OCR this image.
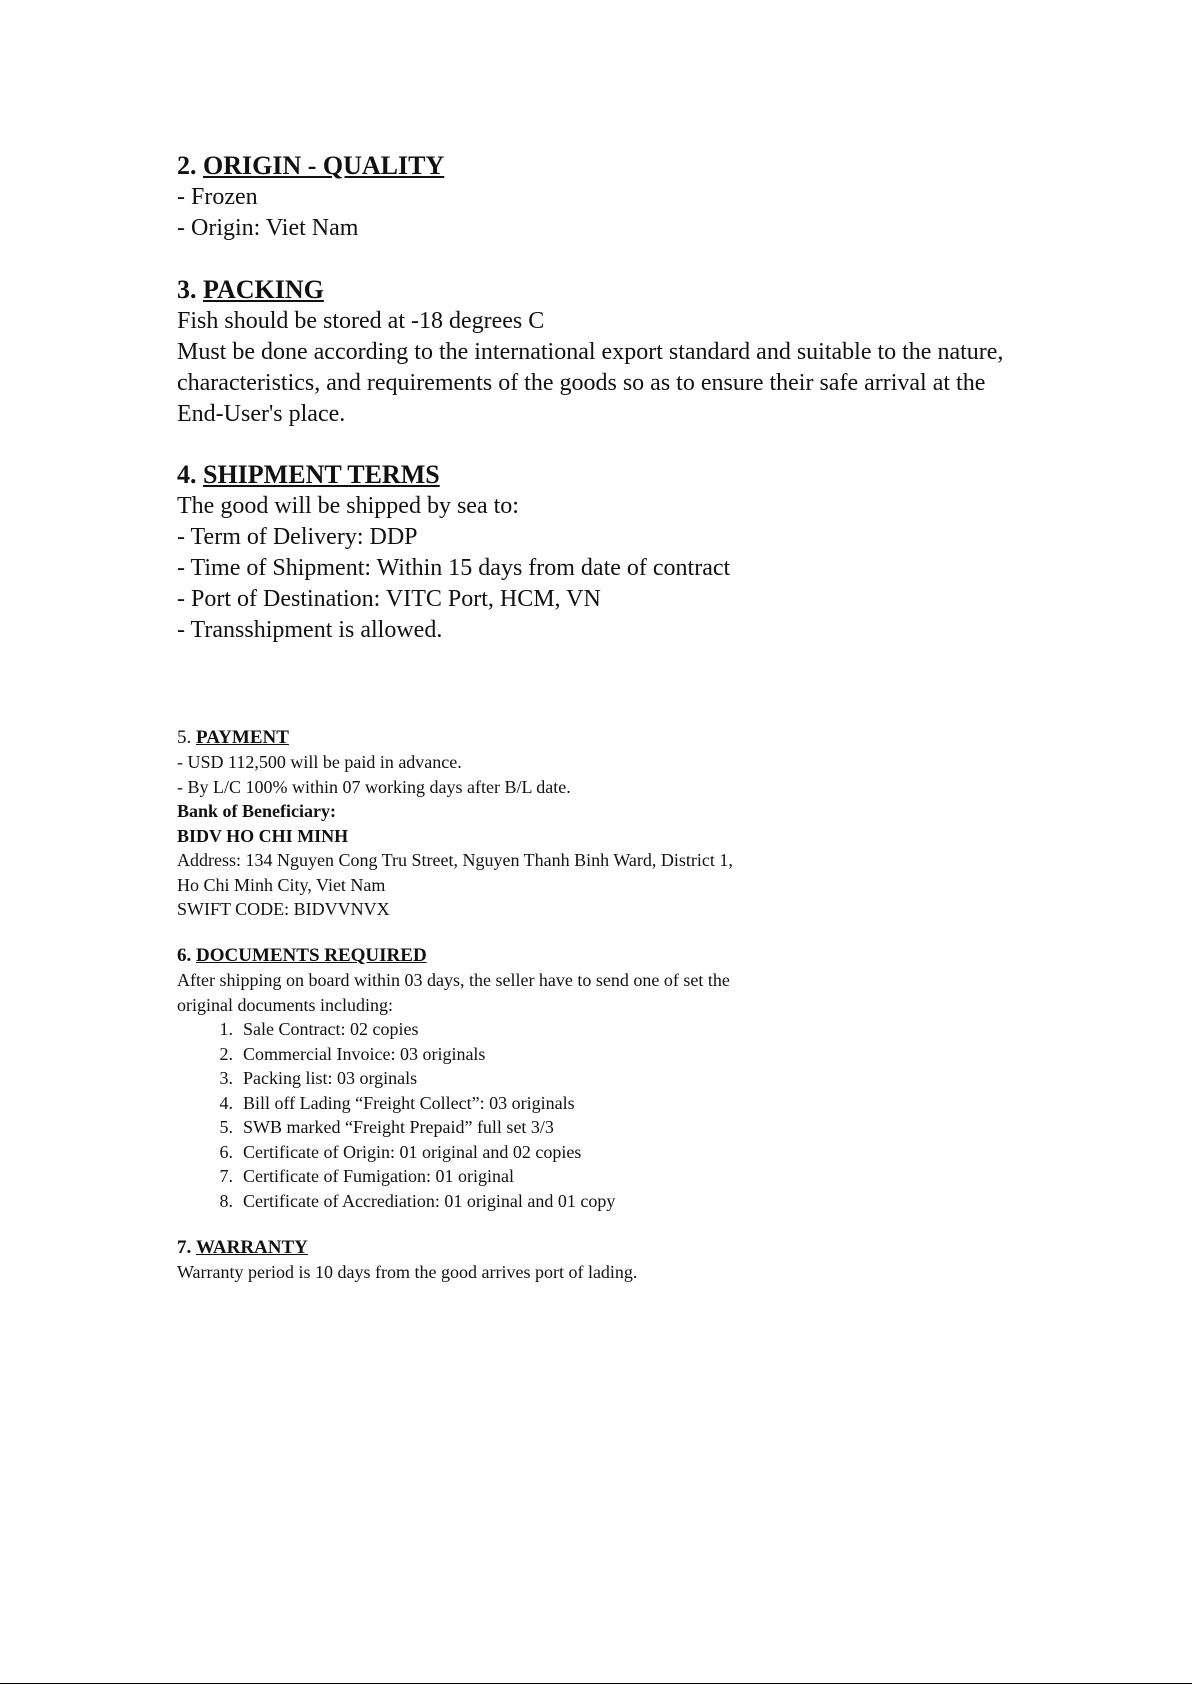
2. ORIGIN - QUALITY

- Frozen

- Origin: Viet Nam

3. PACKING

Fish should be stored at -18 degrees C

Must be done according to the international export standard and suitable to the nature, characteristics, and requirements of the goods so as to ensure their safe arrival at the End-User's place.

4. SHIPMENT TERMS

The good will be shipped by sea to:

- Term of Delivery: DDP

- Time of Shipment: Within 15 days from date of contract

- Port of Destination: VITC Port, HCM, VN

- Transshipment is allowed.

5. PAYMENT

- USD 112,500 will be paid in advance.

- By L/C 100% within 07 working days after B/L date.

Bank of Beneficiary:

BIDV HO CHI MINH

Address: 134 Nguyen Cong Tru Street, Nguyen Thanh Binh Ward, District 1,

Ho Chi Minh City, Viet Nam

SWIFT CODE: BIDVVNVX

6. DOCUMENTS REQUIRED

After shipping on board within 03 days, the seller have to send one of set the

original documents including:

1. Sale Contract: 02 copies
2. Commercial Invoice: 03 originals
3. Packing list: 03 orginals
4. Bill off Lading “Freight Collect”: 03 originals
5. SWB marked “Freight Prepaid” full set 3/3
6. Certificate of Origin: 01 original and 02 copies
7. Certificate of Fumigation: 01 original
8. Certificate of Accrediation: 01 original and 01 copy

7. WARRANTY

Warranty period is 10 days from the good arrives port of lading.
